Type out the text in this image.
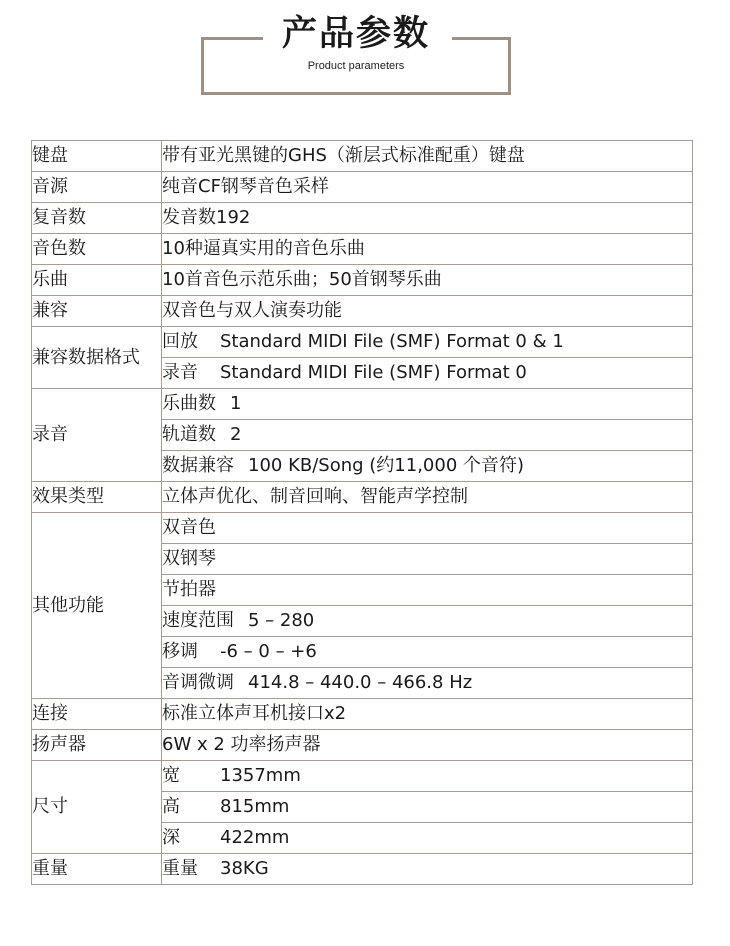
产品参数
Product parameters
键盘	带有亚光黑键的GHS（渐层式标准配重）键盘
音源	纯音CF钢琴音色采样
复音数	发音数192
音色数	10种逼真实用的音色乐曲
乐曲	10首音色示范乐曲；50首钢琴乐曲
兼容	双音色与双人演奏功能
兼容数据格式	回放 Standard MIDI File (SMF) Format 0 & 1
	录音 Standard MIDI File (SMF) Format 0
录音	乐曲数 1
	轨道数 2
	数据兼容 100 KB/Song (约11,000 个音符)
效果类型	立体声优化、制音回响、智能声学控制
其他功能	双音色
	双钢琴
	节拍器
	速度范围 5 – 280
	移调 -6 – 0 – +6
	音调微调 414.8 – 440.0 – 466.8 Hz
连接	标准立体声耳机接口x2
扬声器	6W x 2 功率扬声器
尺寸	宽 1357mm
	高 815mm
	深 422mm
重量	重量 38KG
